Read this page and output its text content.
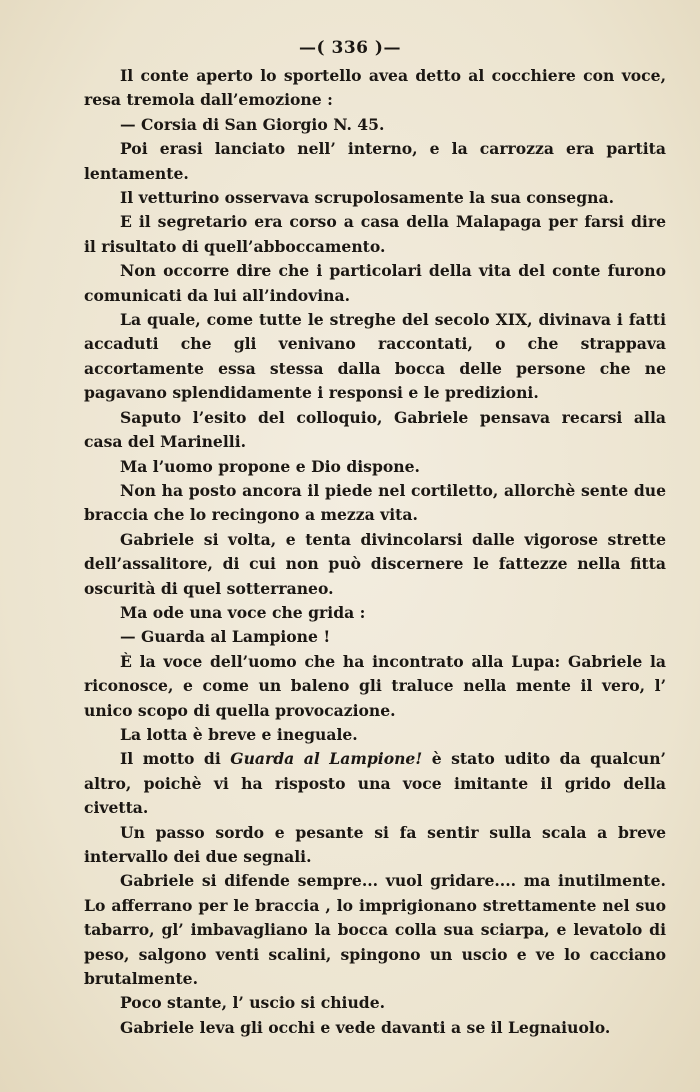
—( 336 )—

Il conte aperto lo sportello avea detto al cocchiere con voce, resa tremola dall’emozione :

— Corsia di San Giorgio N. 45.

Poi erasi lanciato nell’ interno, e la carrozza era partita lentamente.

Il vetturino osservava scrupolosamente la sua consegna.

E il segretario era corso a casa della Malapaga per farsi dire il risultato di quell’abboccamento.

Non occorre dire che i particolari della vita del conte furono comunicati da lui all’indovina.

La quale, come tutte le streghe del secolo XIX, divinava i fatti accaduti che gli venivano raccontati, o che strappava accortamente essa stessa dalla bocca delle persone che ne pagavano splendidamente i responsi e le predizioni.

Saputo l’esito del colloquio, Gabriele pensava recarsi alla casa del Marinelli.

Ma l’uomo propone e Dio dispone.

Non ha posto ancora il piede nel cortiletto, allorchè sente due braccia che lo recingono a mezza vita.

Gabriele si volta, e tenta divincolarsi dalle vigorose strette dell’assalitore, di cui non può discernere le fattezze nella fitta oscurità di quel sotterraneo.

Ma ode una voce che grida :

— Guarda al Lampione !

È la voce dell’uomo che ha incontrato alla Lupa: Gabriele la riconosce, e come un baleno gli traluce nella mente il vero, l’ unico scopo di quella provocazione.

La lotta è breve e ineguale.

Il motto di Guarda al Lampione! è stato udito da qualcun’ altro, poichè vi ha risposto una voce imitante il grido della civetta.

Un passo sordo e pesante si fa sentir sulla scala a breve intervallo dei due segnali.

Gabriele si difende sempre... vuol gridare.... ma inutilmente. Lo afferrano per le braccia , lo imprigionano strettamente nel suo tabarro, gl’ imbavagliano la bocca colla sua sciarpa, e levatolo di peso, salgono venti scalini, spingono un uscio e ve lo cacciano brutalmente.

Poco stante, l’ uscio si chiude.

Gabriele leva gli occhi e vede davanti a se il Legnaiuolo.
